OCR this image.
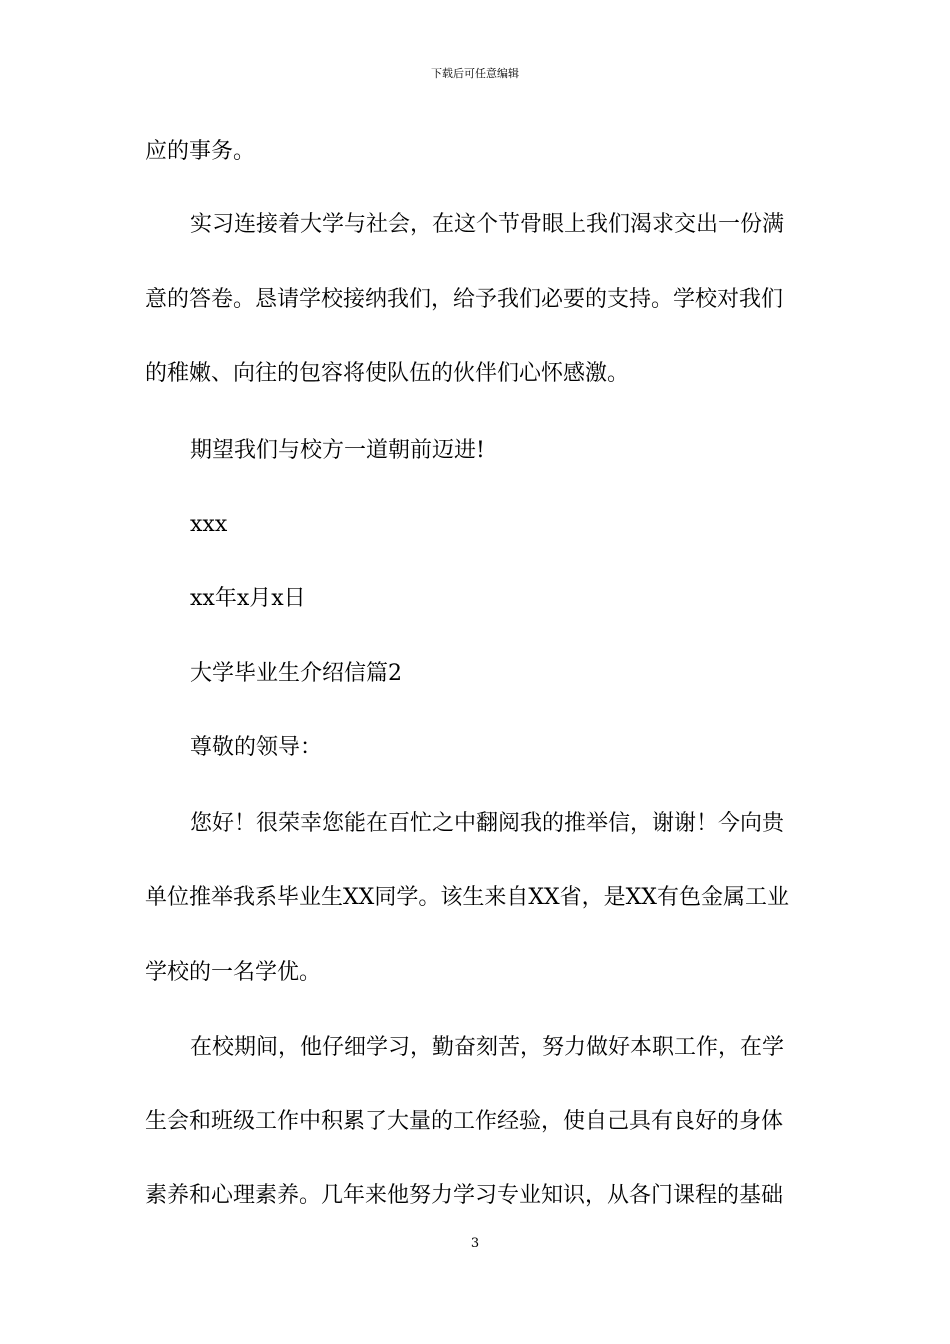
下载后可任意编辑
应的事务。
实习连接着大学与社会，在这个节骨眼上我们渴求交出一份满
意的答卷。恳请学校接纳我们，给予我们必要的支持。学校对我们
的稚嫩、向往的包容将使队伍的伙伴们心怀感激。
期望我们与校方一道朝前迈进!
xxx
xx年x月x日
大学毕业生介绍信篇2
尊敬的领导：
您好！很荣幸您能在百忙之中翻阅我的推举信，谢谢！今向贵
单位推举我系毕业生XX同学。该生来自XX省，是XX有色金属工业
学校的一名学优。
在校期间，他仔细学习，勤奋刻苦，努力做好本职工作，在学
生会和班级工作中积累了大量的工作经验，使自己具有良好的身体
素养和心理素养。几年来他努力学习专业知识，从各门课程的基础
3
